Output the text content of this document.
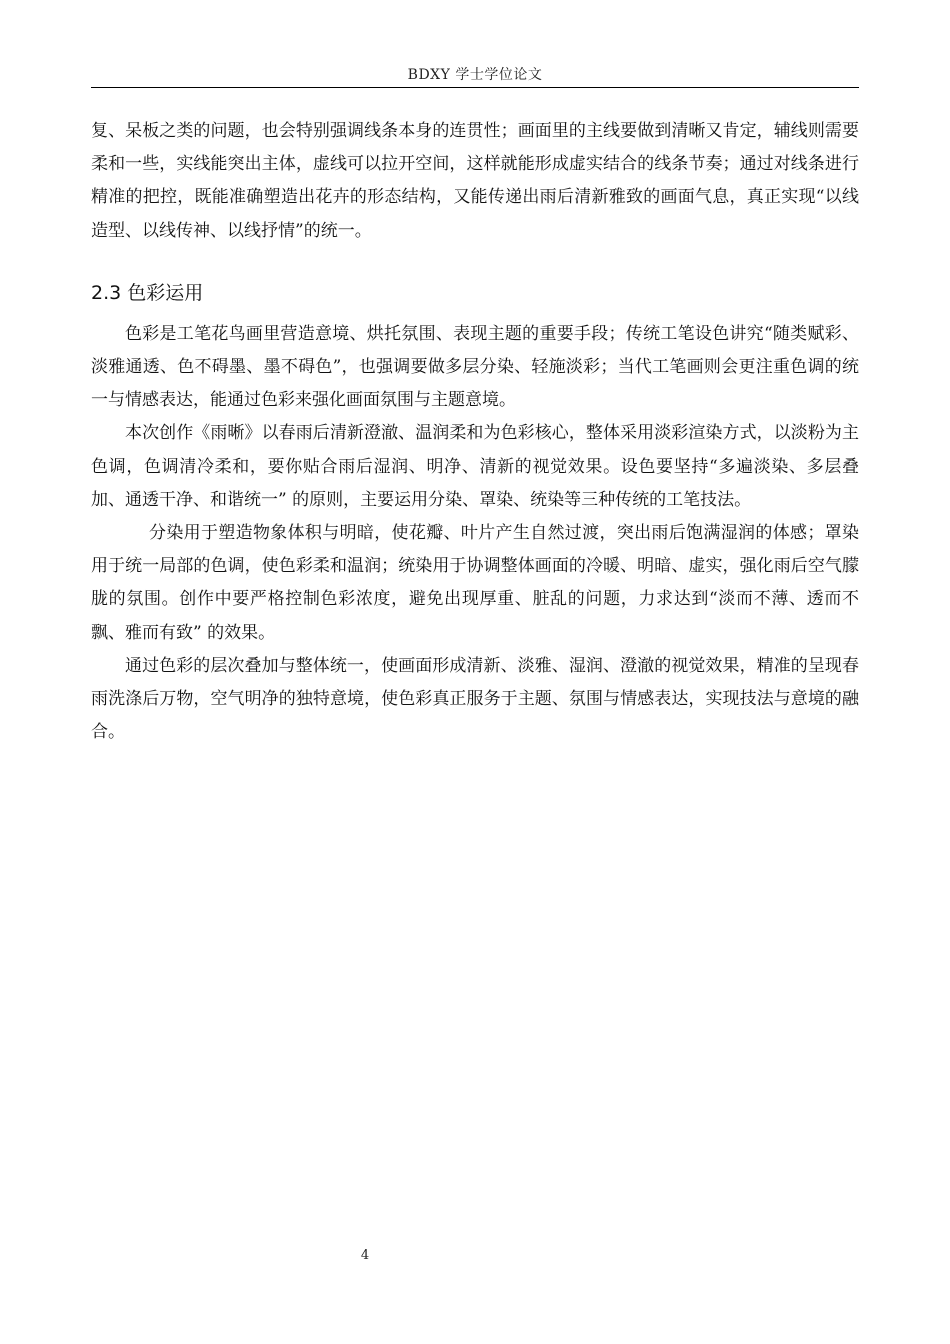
BDXY 学士学位论文

复、呆板之类的问题，也会特别强调线条本身的连贯性；画面里的主线要做到清晰又肯定，辅线则需要柔和一些，实线能突出主体，虚线可以拉开空间，这样就能形成虚实结合的线条节奏；通过对线条进行精准的把控，既能准确塑造出花卉的形态结构，又能传递出雨后清新雅致的画面气息，真正实现“以线造型、以线传神、以线抒情”的统一。

2.3 色彩运用

色彩是工笔花鸟画里营造意境、烘托氛围、表现主题的重要手段；传统工笔设色讲究“随类赋彩、淡雅通透、色不碍墨、墨不碍色”，也强调要做多层分染、轻施淡彩；当代工笔画则会更注重色调的统一与情感表达，能通过色彩来强化画面氛围与主题意境。

本次创作《雨晰》以春雨后清新澄澈、温润柔和为色彩核心，整体采用淡彩渲染方式，以淡粉为主色调，色调清冷柔和，要你贴合雨后湿润、明净、清新的视觉效果。设色要坚持“多遍淡染、多层叠加、通透干净、和谐统一” 的原则，主要运用分染、罩染、统染等三种传统的工笔技法。

分染用于塑造物象体积与明暗，使花瓣、叶片产生自然过渡，突出雨后饱满湿润的体感；罩染用于统一局部的色调，使色彩柔和温润；统染用于协调整体画面的冷暖、明暗、虚实，强化雨后空气朦胧的氛围。创作中要严格控制色彩浓度，避免出现厚重、脏乱的问题，力求达到“淡而不薄、透而不飘、雅而有致” 的效果。

通过色彩的层次叠加与整体统一，使画面形成清新、淡雅、湿润、澄澈的视觉效果，精准的呈现春雨洗涤后万物，空气明净的独特意境，使色彩真正服务于主题、氛围与情感表达，实现技法与意境的融合。

4
